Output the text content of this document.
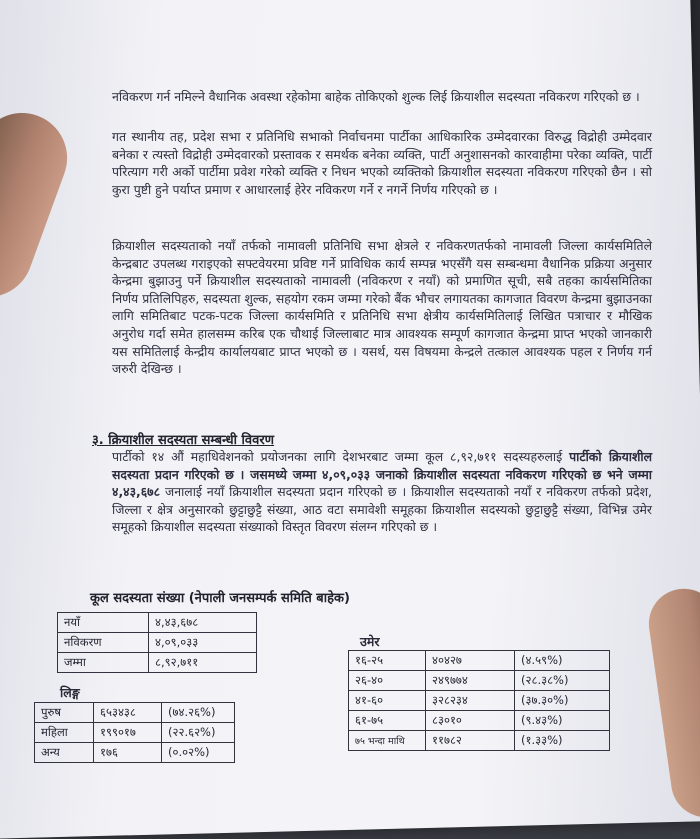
नविकरण गर्न नमिल्ने वैधानिक अवस्था रहेकोमा बाहेक तोकिएको शुल्क लिई क्रियाशील सदस्यता नविकरण गरिएको छ ।
गत स्थानीय तह, प्रदेश सभा र प्रतिनिधि सभाको निर्वाचनमा पार्टीका आधिकारिक उम्मेदवारका विरुद्ध विद्रोही उम्मेदवार बनेका र त्यस्तो विद्रोही उम्मेदवारको प्रस्तावक र समर्थक बनेका व्यक्ति, पार्टी अनुशासनको कारवाहीमा परेका व्यक्ति, पार्टी परित्याग गरी अर्को पार्टीमा प्रवेश गरेको व्यक्ति र निधन भएको व्यक्तिको क्रियाशील सदस्यता नविकरण गरिएको छैन । सो कुरा पुष्टी हुने पर्याप्त प्रमाण र आधारलाई हेरेर नविकरण गर्ने र नगर्ने निर्णय गरिएको छ ।
क्रियाशील सदस्यताको नयाँ तर्फको नामावली प्रतिनिधि सभा क्षेत्रले र नविकरणतर्फको नामावली जिल्ला कार्यसमितिले केन्द्रबाट उपलब्ध गराइएको सफ्टवेयरमा प्रविष्ट गर्ने प्राविधिक कार्य सम्पन्न भएसँगै यस सम्बन्धमा वैधानिक प्रक्रिया अनुसार केन्द्रमा बुझाउनु पर्ने क्रियाशील सदस्यताको नामावली (नविकरण र नयाँ) को प्रमाणित सूची, सबै तहका कार्यसमितिका निर्णय प्रतिलिपिहरु, सदस्यता शुल्क, सहयोग रकम जम्मा गरेको बैंक भौचर लगायतका कागजात विवरण केन्द्रमा बुझाउनका लागि समितिबाट पटक-पटक जिल्ला कार्यसमिति र प्रतिनिधि सभा क्षेत्रीय कार्यसमितिलाई लिखित पत्राचार र मौखिक अनुरोध गर्दा समेत हालसम्म करिब एक चौथाई जिल्लाबाट मात्र आवश्यक सम्पूर्ण कागजात केन्द्रमा प्राप्त भएको जानकारी यस समितिलाई केन्द्रीय कार्यालयबाट प्राप्त भएको छ । यसर्थ, यस विषयमा केन्द्रले तत्काल आवश्यक पहल र निर्णय गर्न जरुरी देखिन्छ ।
३. क्रियाशील सदस्यता सम्बन्धी विवरण
पार्टीको १४ औं महाधिवेशनको प्रयोजनका लागि देशभरबाट जम्मा कूल ८,९२,७११ सदस्यहरुलाई पार्टीको क्रियाशील सदस्यता प्रदान गरिएको छ । जसमध्ये जम्मा ४,०९,०३३ जनाको क्रियाशील सदस्यता नविकरण गरिएको छ भने जम्मा ४,४३,६७८ जनालाई नयाँ क्रियाशील सदस्यता प्रदान गरिएको छ । क्रियाशील सदस्यताको नयाँ र नविकरण तर्फको प्रदेश, जिल्ला र क्षेत्र अनुसारको छुट्टाछुट्टै संख्या, आठ वटा समावेशी समूहका क्रियाशील सदस्यको छुट्टाछुट्टै संख्या, विभिन्न उमेर समूहको क्रियाशील सदस्यता संख्याको विस्तृत विवरण संलग्न गरिएको छ ।
कूल सदस्यता संख्या (नेपाली जनसम्पर्क समिति बाहेक)
नयाँ	४,४३,६७८
नविकरण	४,०९,०३३
जम्मा	८,९२,७११
लिङ्ग
पुरुष	६५३४३८	(७४.२६%)
महिला	१९९०१७	(२२.६२%)
अन्य	१७६	(०.०२%)
उमेर
१६-२५	४०४२७	(४.५९%)
२६-४०	२४९७७४	(२८.३८%)
४१-६०	३२८२३४	(३७.३०%)
६१-७५	८३०१०	(९.४३%)
७५ भन्दा माथि	११७८२	(१.३३%)
